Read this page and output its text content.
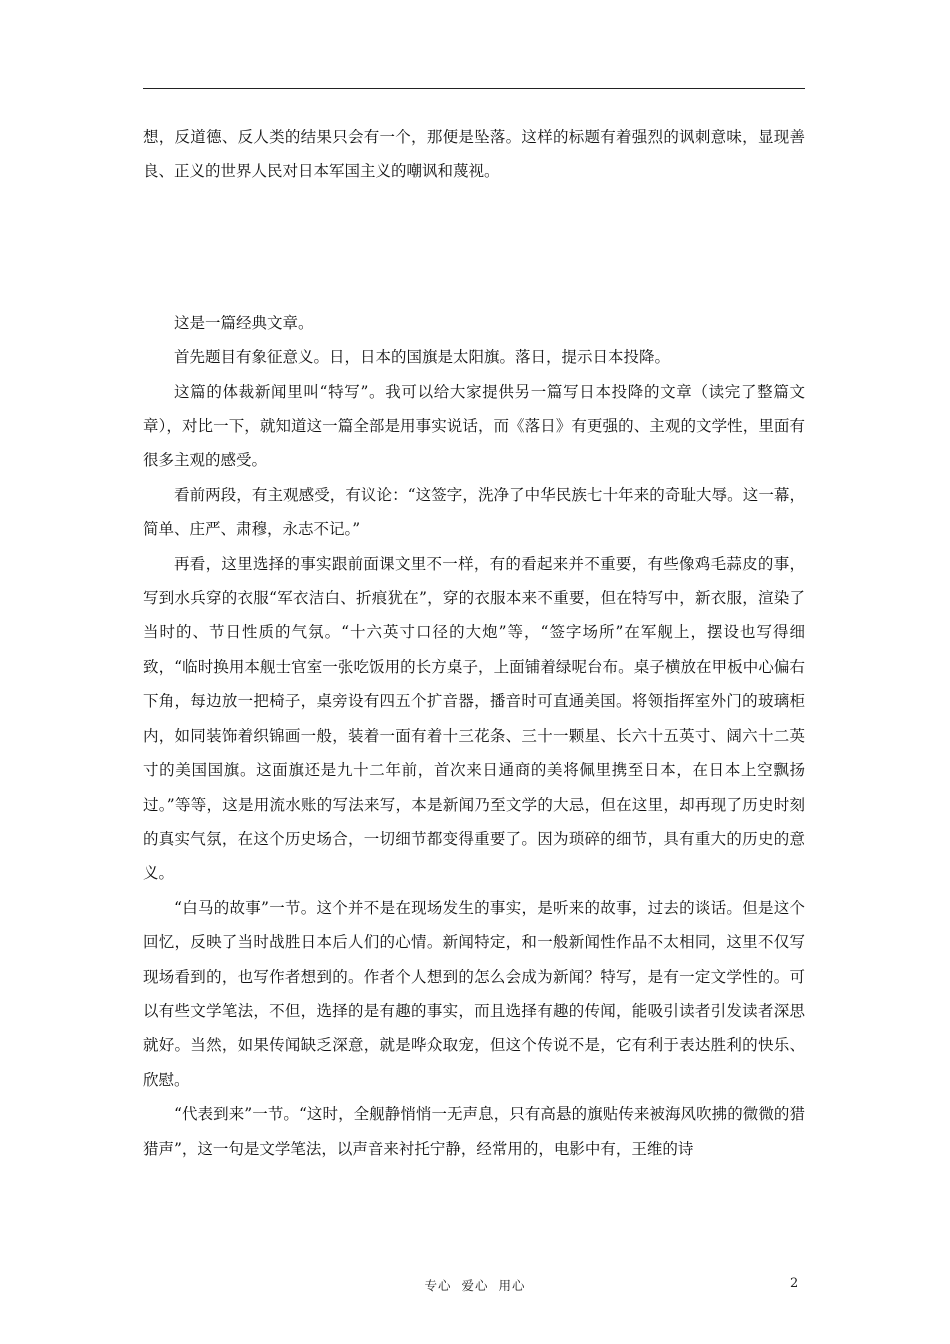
想，反道德、反人类的结果只会有一个，那便是坠落。这样的标题有着强烈的讽刺意味，显现善良、正义的世界人民对日本军国主义的嘲讽和蔑视。

这是一篇经典文章。

首先题目有象征意义。日，日本的国旗是太阳旗。落日，提示日本投降。

这篇的体裁新闻里叫“特写”。我可以给大家提供另一篇写日本投降的文章（读完了整篇文章），对比一下，就知道这一篇全部是用事实说话，而《落日》有更强的、主观的文学性，里面有很多主观的感受。

看前两段，有主观感受，有议论：“这签字，洗净了中华民族七十年来的奇耻大辱。这一幕，简单、庄严、肃穆，永志不记。”

再看，这里选择的事实跟前面课文里不一样，有的看起来并不重要，有些像鸡毛蒜皮的事，写到水兵穿的衣服“军衣洁白、折痕犹在”，穿的衣服本来不重要，但在特写中，新衣服，渲染了当时的、节日性质的气氛。“十六英寸口径的大炮”等，“签字场所”在军舰上，摆设也写得细致，“临时换用本舰士官室一张吃饭用的长方桌子，上面铺着绿呢台布。桌子横放在甲板中心偏右下角，每边放一把椅子，桌旁设有四五个扩音器，播音时可直通美国。将领指挥室外门的玻璃柜内，如同装饰着织锦画一般，装着一面有着十三花条、三十一颗星、长六十五英寸、阔六十二英寸的美国国旗。这面旗还是九十二年前，首次来日通商的美将佩里携至日本，在日本上空飘扬过。”等等，这是用流水账的写法来写，本是新闻乃至文学的大忌，但在这里，却再现了历史时刻的真实气氛，在这个历史场合，一切细节都变得重要了。因为琐碎的细节，具有重大的历史的意义。

“白马的故事”一节。这个并不是在现场发生的事实，是听来的故事，过去的谈话。但是这个回忆，反映了当时战胜日本后人们的心情。新闻特定，和一般新闻性作品不太相同，这里不仅写现场看到的，也写作者想到的。作者个人想到的怎么会成为新闻？特写，是有一定文学性的。可以有些文学笔法，不但，选择的是有趣的事实，而且选择有趣的传闻，能吸引读者引发读者深思就好。当然，如果传闻缺乏深意，就是哗众取宠，但这个传说不是，它有利于表达胜利的快乐、欣慰。

“代表到来”一节。“这时，全舰静悄悄一无声息，只有高悬的旗贴传来被海风吹拂的微微的猎猎声”，这一句是文学笔法，以声音来衬托宁静，经常用的，电影中有，王维的诗

专心  爱心  用心	2
